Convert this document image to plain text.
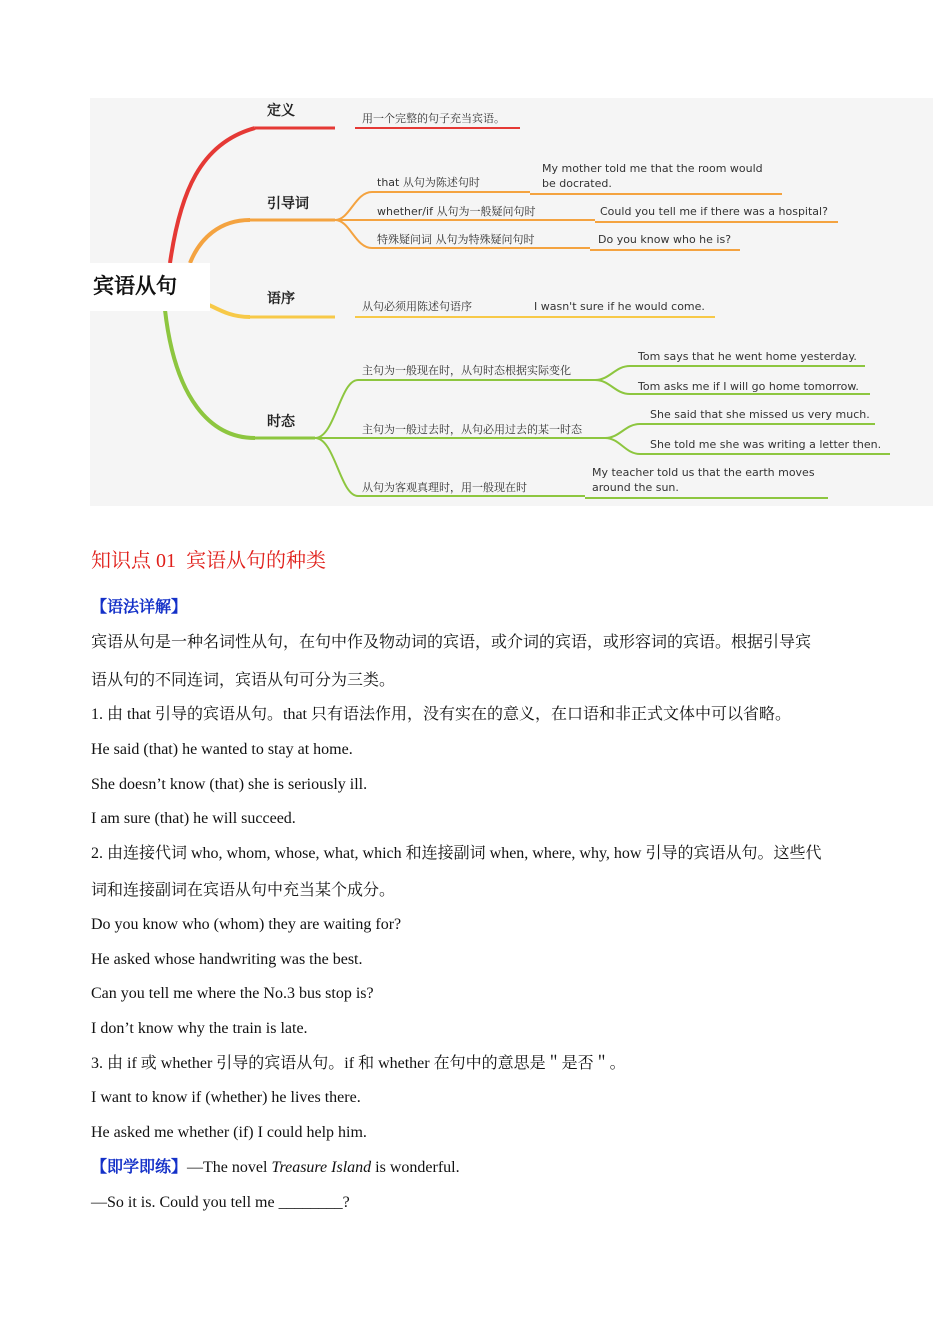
宾语从句
定义
引导词
语序
时态
用一个完整的句子充当宾语。
that 从句为陈述句时
My mother told me that the room would
be docrated.
whether/if 从句为一般疑问句时	Could you tell me if there was a hospital?
特殊疑问词 从句为特殊疑问句时	Do you know who he is?
从句必须用陈述句语序	I wasn't sure if he would come.
主句为一般现在时，从句时态根据实际变化
Tom says that he went home yesterday.
Tom asks me if I will go home tomorrow.
主句为一般过去时，从句必用过去的某一时态
She said that she missed us very much.
She told me she was writing a letter then.
从句为客观真理时，用一般现在时
My teacher told us that the earth moves
around the sun.
知识点 01  宾语从句的种类
【语法详解】
宾语从句是一种名词性从句，在句中作及物动词的宾语，或介词的宾语，或形容词的宾语。根据引导宾
语从句的不同连词，宾语从句可分为三类。
1. 由 that 引导的宾语从句。that 只有语法作用，没有实在的意义，在口语和非正式文体中可以省略。
He said (that) he wanted to stay at home.
She doesn’t know (that) she is seriously ill.
I am sure (that) he will succeed.
2. 由连接代词 who, whom, whose, what, which 和连接副词 when, where, why, how 引导的宾语从句。这些代
词和连接副词在宾语从句中充当某个成分。
Do you know who (whom) they are waiting for?
He asked whose handwriting was the best.
Can you tell me where the No.3 bus stop is?
I don’t know why the train is late.
3. 由 if 或 whether 引导的宾语从句。if 和 whether 在句中的意思是＂是否＂。
I want to know if (whether) he lives there.
He asked me whether (if) I could help him.
【即学即练】—The novel Treasure Island is wonderful.
—So it is. Could you tell me ________?
